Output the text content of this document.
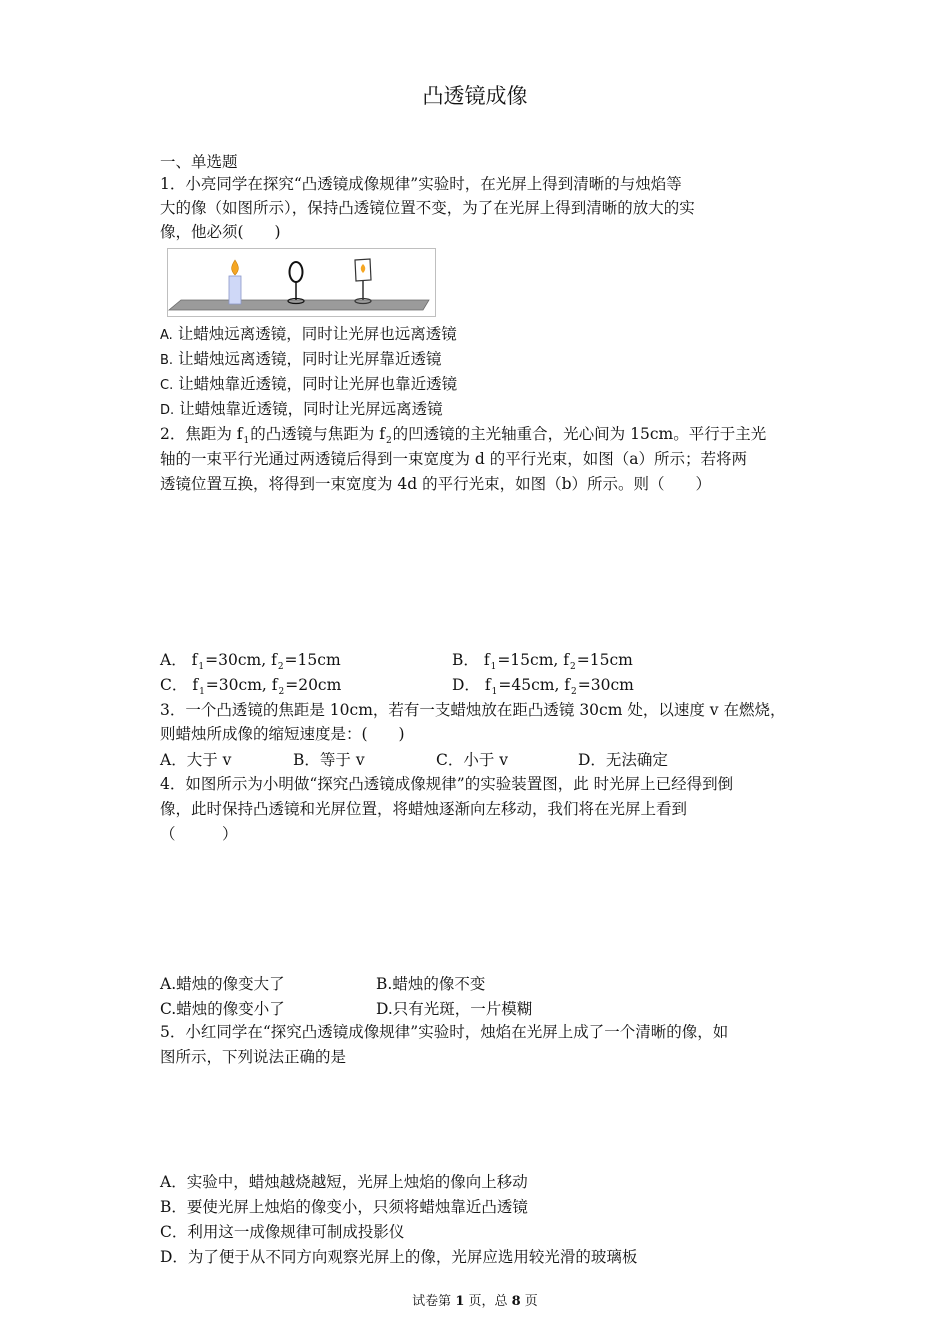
凸透镜成像
一、单选题
1．小亮同学在探究“凸透镜成像规律”实验时，在光屏上得到清晰的与烛焰等
大的像（如图所示），保持凸透镜位置不变，为了在光屏上得到清晰的放大的实
像，他必须(　　)
A. 让蜡烛远离透镜，同时让光屏也远离透镜
B. 让蜡烛远离透镜，同时让光屏靠近透镜
C. 让蜡烛靠近透镜，同时让光屏也靠近透镜
D. 让蜡烛靠近透镜，同时让光屏远离透镜
2．焦距为 $f_1$的凸透镜与焦距为 $f_2$的凹透镜的主光轴重合，光心间为 15cm。平行于主光
轴的一束平行光通过两透镜后得到一束宽度为 d 的平行光束，如图（a）所示；若将两
透镜位置互换，将得到一束宽度为 4d 的平行光束，如图（b）所示。则（　　）
A． $f_1=30cm$, $f_2=15cm$	B． $f_1=15cm$, $f_2=15cm$
C． $f_1=30cm$, $f_2=20cm$	D． $f_1=45cm$, $f_2=30cm$
3．一个凸透镜的焦距是 10cm，若有一支蜡烛放在距凸透镜 30cm 处，以速度 v 在燃烧，
则蜡烛所成像的缩短速度是：(　　)
A．大于 v	B．等于 v	C．小于 v	D．无法确定
4．如图所示为小明做“探究凸透镜成像规律”的实验装置图，此 时光屏上已经得到倒
像，此时保持凸透镜和光屏位置，将蜡烛逐渐向左移动，我们将在光屏上看到
（　　　）
A.蜡烛的像变大了	B.蜡烛的像不变
C.蜡烛的像变小了	D.只有光斑，一片模糊
5．小红同学在“探究凸透镜成像规律”实验时，烛焰在光屏上成了一个清晰的像，如
图所示，下列说法正确的是
A．实验中，蜡烛越烧越短，光屏上烛焰的像向上移动
B．要使光屏上烛焰的像变小，只须将蜡烛靠近凸透镜
C．利用这一成像规律可制成投影仪
D．为了便于从不同方向观察光屏上的像，光屏应选用较光滑的玻璃板
试卷第 1 页，总 8 页
